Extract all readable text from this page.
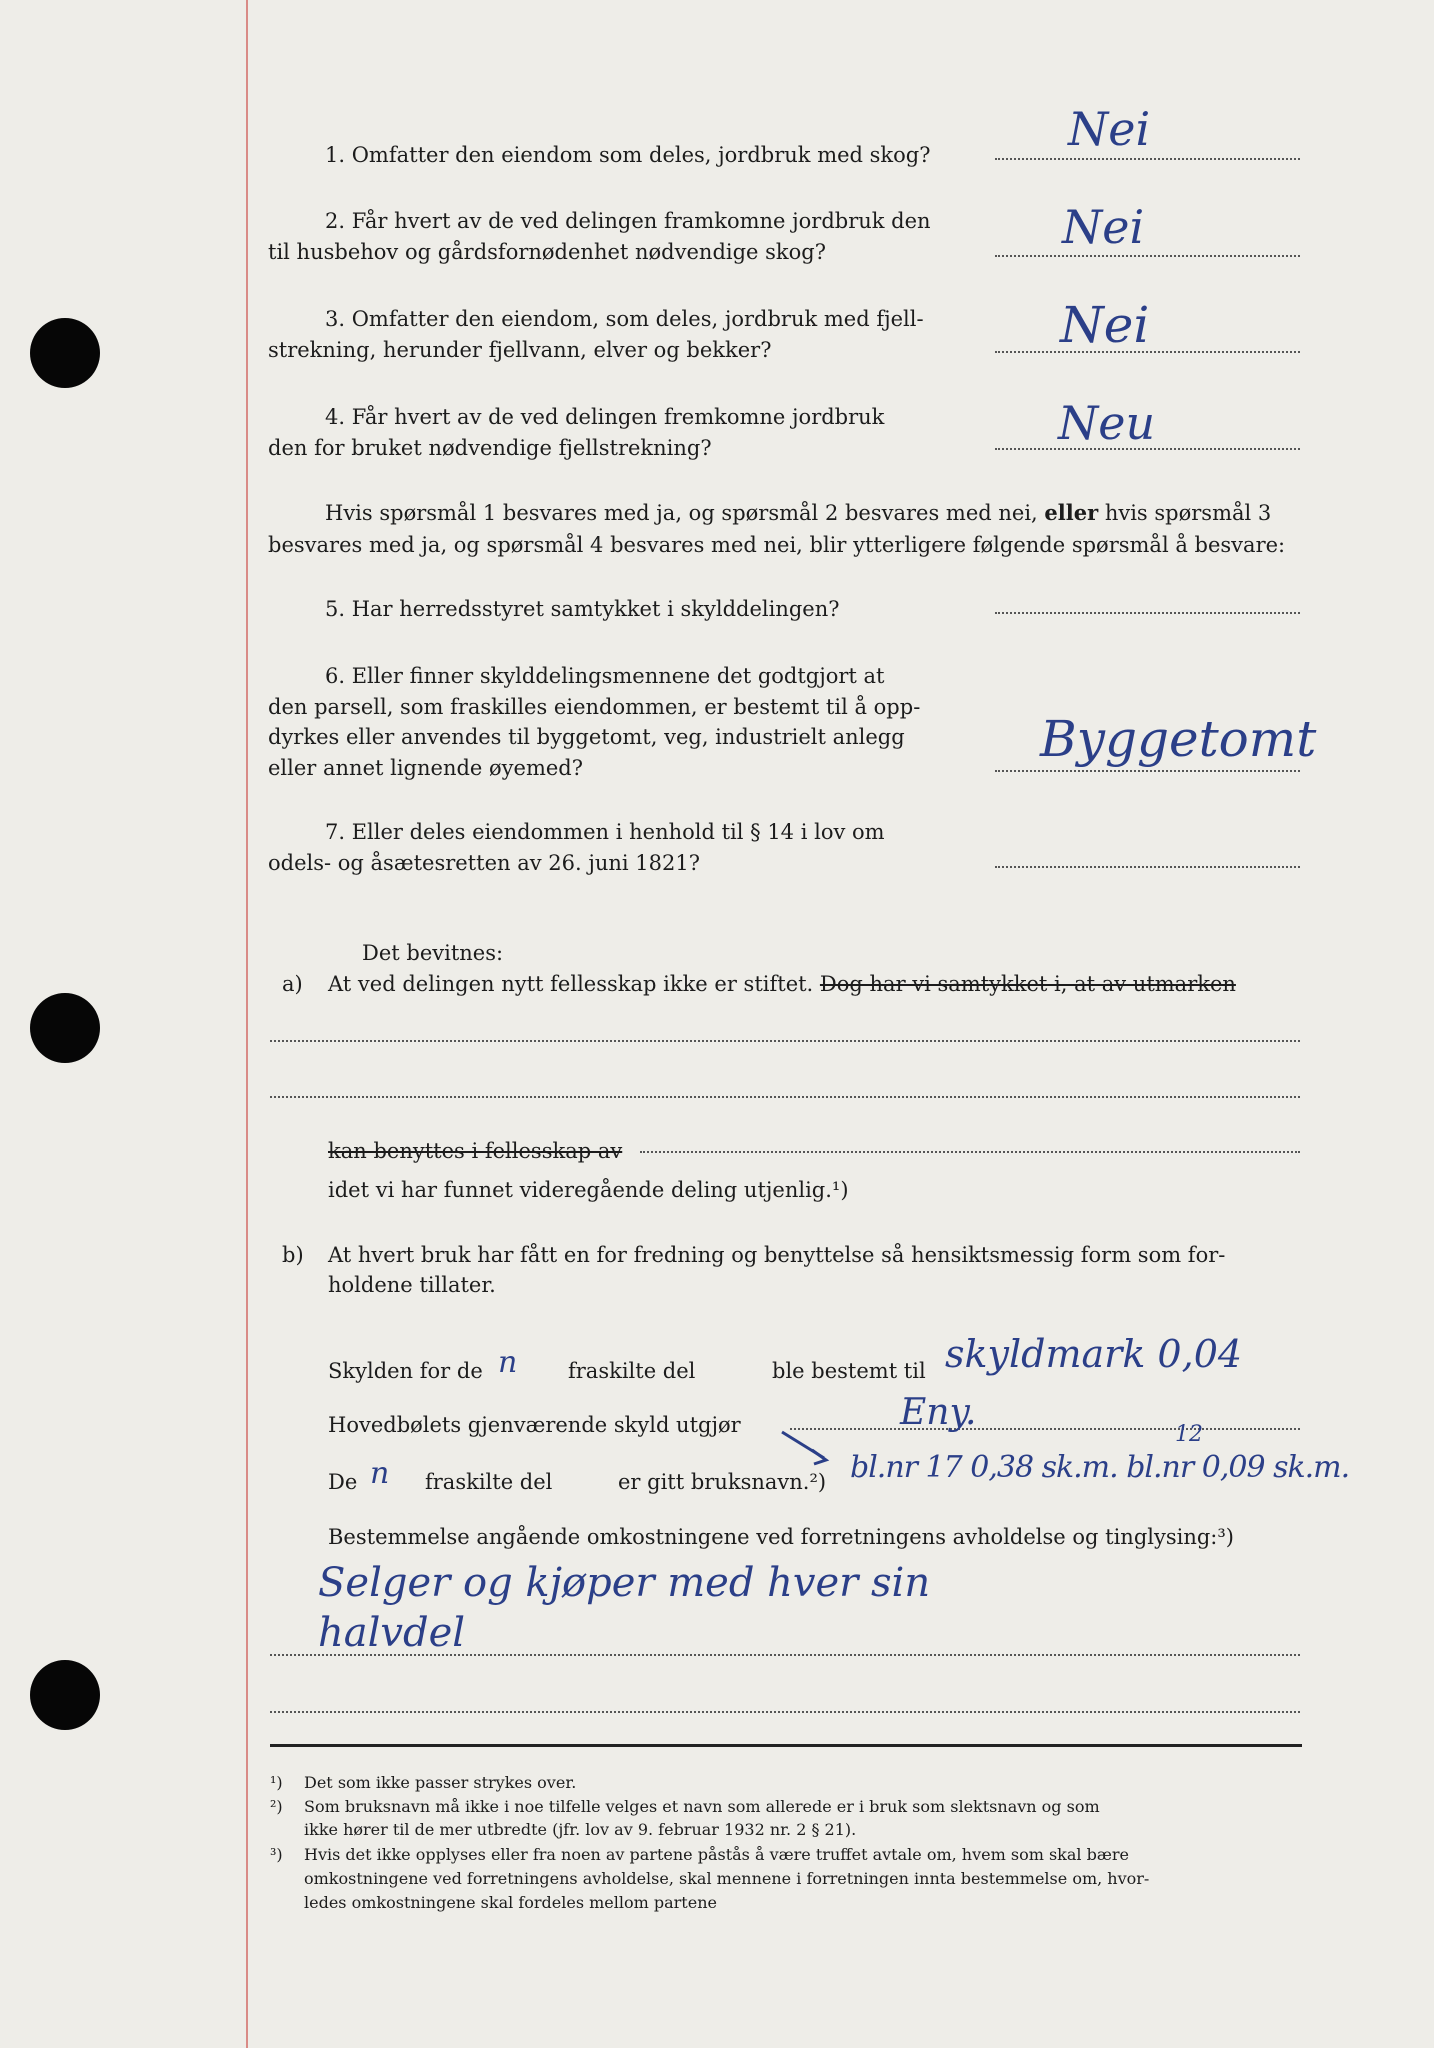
1. Omfatter den eiendom som deles, jordbruk med skog?	Nei
2. Får hvert av de ved delingen framkomne jordbruk den
til husbehov og gårdsfornødenhet nødvendige skog?	Nei
3. Omfatter den eiendom, som deles, jordbruk med fjell-
strekning, herunder fjellvann, elver og bekker?	Nei
4. Får hvert av de ved delingen fremkomne jordbruk
den for bruket nødvendige fjellstrekning?	Neи
Hvis spørsmål 1 besvares med ja, og spørsmål 2 besvares med nei, eller hvis spørsmål 3
besvares med ja, og spørsmål 4 besvares med nei, blir ytterligere følgende spørsmål å besvare:
5. Har herredsstyret samtykket i skylddelingen?
6. Eller finner skylddelingsmennene det godtgjort at
den parsell, som fraskilles eiendommen, er bestemt til å opp-
dyrkes eller anvendes til byggetomt, veg, industrielt anlegg
eller annet lignende øyemed?	Byggetomt
7. Eller deles eiendommen i henhold til § 14 i lov om
odels- og åsætesretten av 26. juni 1821?
Det bevitnes:
a) At ved delingen nytt fellesskap ikke er stiftet. Dog har vi samtykket i, at av utmarken
kan benyttes i fellesskap av
idet vi har funnet videregående deling utjenlig.¹)
b) At hvert bruk har fått en for fredning og benyttelse så hensiktsmessig form som for-
holdene tillater.
Skylden for de n fraskilte del	ble bestemt til skyldmark 0,04
Hovedbølets gjenværende skyld utgjør	Eny.
De n fraskilte del	er gitt bruksnavn.²)
12
bl.nr 17 0,38 sk.m. bl.nr 0,09 sk.m.
Bestemmelse angående omkostningene ved forretningens avholdelse og tinglysing:³)
Selger og kjøper med hver sin
halvdel
¹) Det som ikke passer strykes over.
²) Som bruksnavn må ikke i noe tilfelle velges et navn som allerede er i bruk som slektsnavn og som
ikke hører til de mer utbredte (jfr. lov av 9. februar 1932 nr. 2 § 21).
³) Hvis det ikke opplyses eller fra noen av partene påstås å være truffet avtale om, hvem som skal bære
omkostningene ved forretningens avholdelse, skal mennene i forretningen innta bestemmelse om, hvor-
ledes omkostningene skal fordeles mellom partene
